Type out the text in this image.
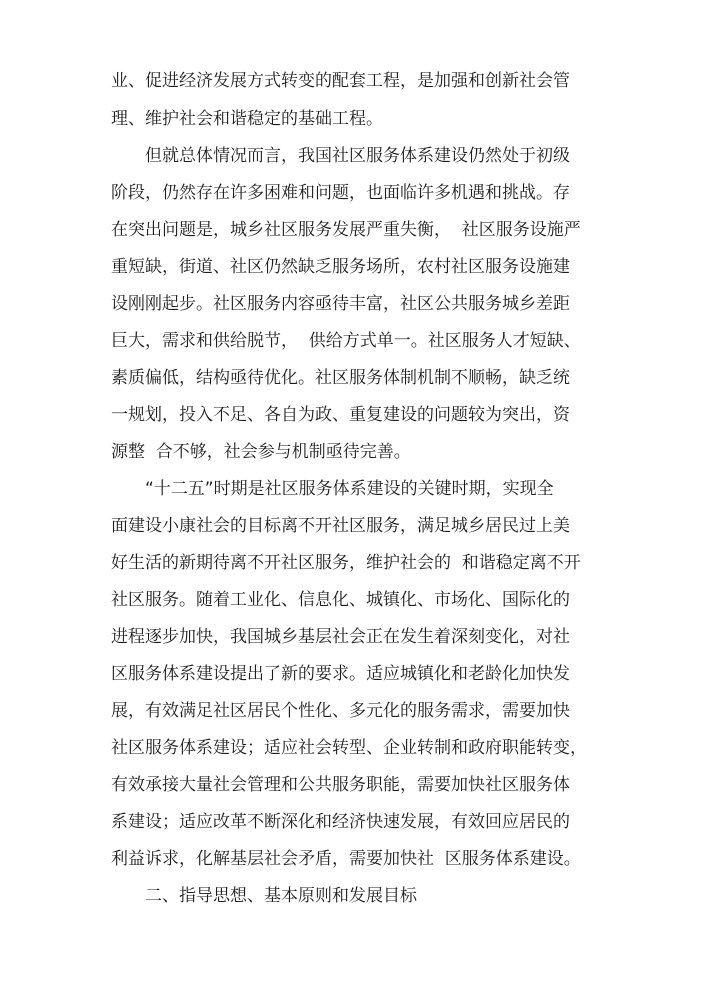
业、促进经济发展方式转变的配套工程，是加强和创新社会管

理、维护社会和谐稳定的基础工程。

但就总体情况而言，我国社区服务体系建设仍然处于初级

阶段，仍然存在许多困难和问题，也面临许多机遇和挑战。存

在突出问题是，城乡社区服务发展严重失衡，  社区服务设施严

重短缺，街道、社区仍然缺乏服务场所，农村社区服务设施建

设刚刚起步。社区服务内容亟待丰富，社区公共服务城乡差距

巨大，需求和供给脱节，  供给方式单一。社区服务人才短缺、

素质偏低，结构亟待优化。社区服务体制机制不顺畅，缺乏统

一规划，投入不足、各自为政、重复建设的问题较为突出，资

源整  合不够，社会参与机制亟待完善。

“十二五”时期是社区服务体系建设的关键时期，实现全

面建设小康社会的目标离不开社区服务，满足城乡居民过上美

好生活的新期待离不开社区服务，维护社会的  和谐稳定离不开

社区服务。随着工业化、信息化、城镇化、市场化、国际化的

进程逐步加快，我国城乡基层社会正在发生着深刻变化，对社

区服务体系建设提出了新的要求。适应城镇化和老龄化加快发

展，有效满足社区居民个性化、多元化的服务需求，需要加快

社区服务体系建设；适应社会转型、企业转制和政府职能转变，

有效承接大量社会管理和公共服务职能，需要加快社区服务体

系建设；适应改革不断深化和经济快速发展，有效回应居民的

利益诉求，化解基层社会矛盾，需要加快社  区服务体系建设。

二、指导思想、基本原则和发展目标
